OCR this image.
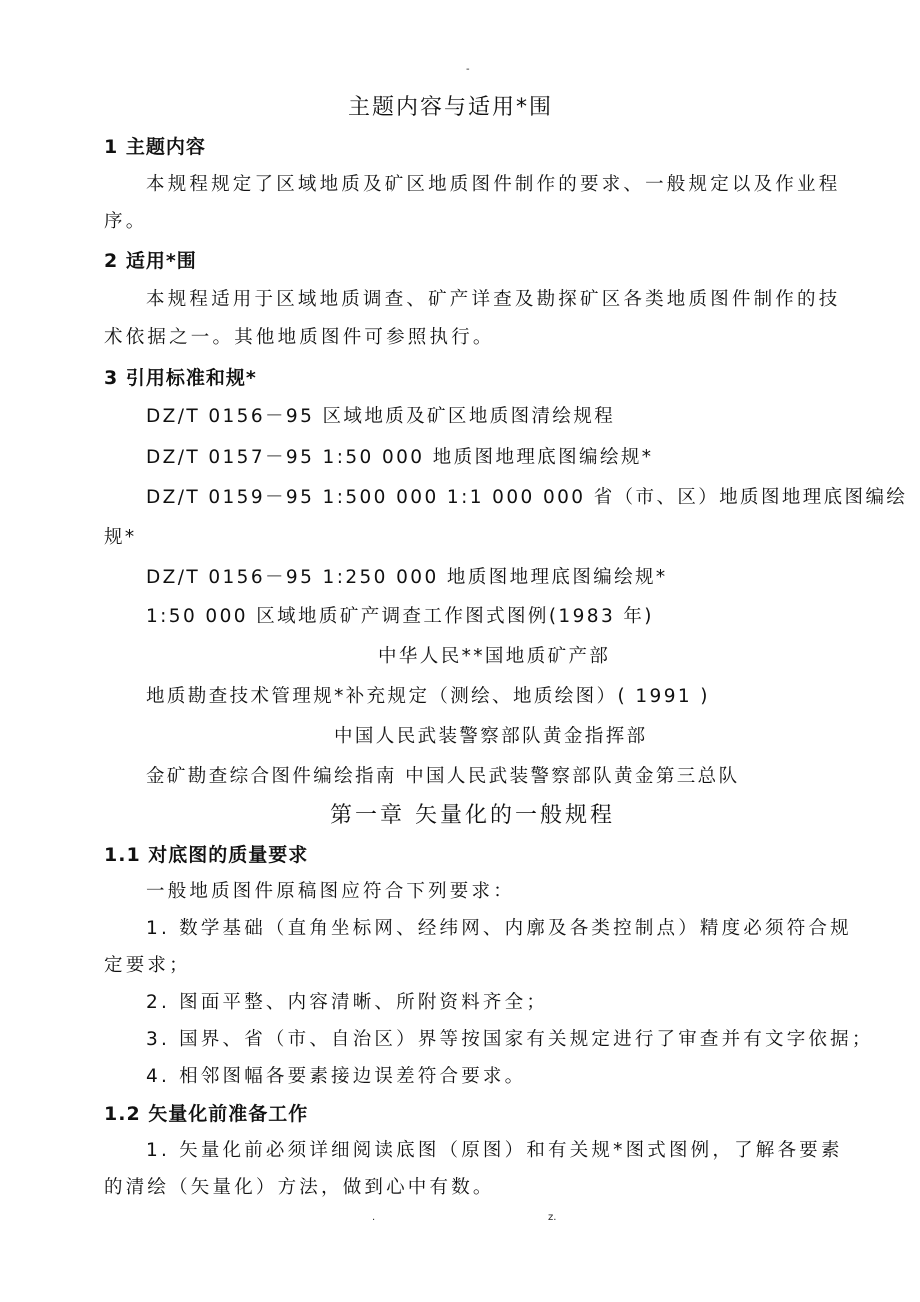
-
主题内容与适用*围
1 主题内容
本规程规定了区域地质及矿区地质图件制作的要求、一般规定以及作业程
序。
2 适用*围
本规程适用于区域地质调查、矿产详查及勘探矿区各类地质图件制作的技
术依据之一。其他地质图件可参照执行。
3 引用标准和规*
DZ/T 0156－95 区域地质及矿区地质图清绘规程
DZ/T 0157－95 1:50 000 地质图地理底图编绘规*
DZ/T 0159－95 1:500 000 1:1 000 000 省（市、区）地质图地理底图编绘
规*
DZ/T 0156－95 1:250 000 地质图地理底图编绘规*
1:50 000 区域地质矿产调查工作图式图例(1983 年)
中华人民**国地质矿产部
地质勘查技术管理规*补充规定（测绘、地质绘图）( 1991 )
中国人民武装警察部队黄金指挥部
金矿勘查综合图件编绘指南 中国人民武装警察部队黄金第三总队
第一章 矢量化的一般规程
1.1 对底图的质量要求
一般地质图件原稿图应符合下列要求：
1. 数学基础（直角坐标网、经纬网、内廓及各类控制点）精度必须符合规
定要求；
2. 图面平整、内容清晰、所附资料齐全；
3. 国界、省（市、自治区）界等按国家有关规定进行了审查并有文字依据；
4. 相邻图幅各要素接边误差符合要求。
1.2 矢量化前准备工作
1. 矢量化前必须详细阅读底图（原图）和有关规*图式图例，了解各要素
的清绘（矢量化）方法，做到心中有数。
.	z.
